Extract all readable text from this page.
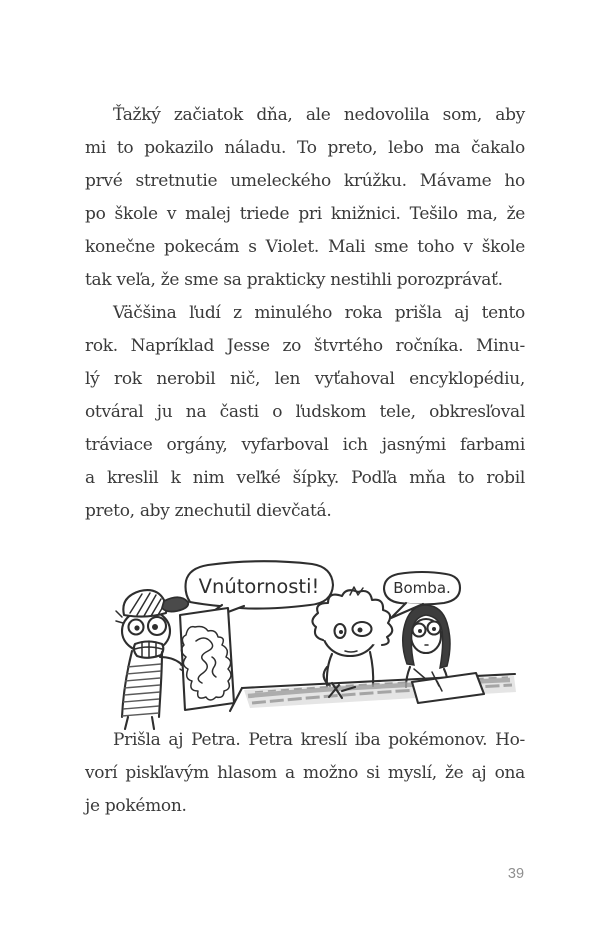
Ťažký začiatok dňa, ale nedovolila som, aby
mi to pokazilo náladu. To preto, lebo ma čakalo
prvé stretnutie umeleckého krúžku. Mávame ho
po škole v malej triede pri knižnici. Tešilo ma, že
konečne pokecám s Violet. Mali sme toho v škole
tak veľa, že sme sa prakticky nestihli porozprávať.
Väčšina ľudí z minulého roka prišla aj tento
rok. Napríklad Jesse zo štvrtého ročníka. Minu-
lý rok nerobil nič, len vyťahoval encyklopédiu,
otváral ju na časti o ľudskom tele, obkresľoval
tráviace orgány, vyfarboval ich jasnými farbami
a kreslil k nim veľké šípky. Podľa mňa to robil
preto, aby znechutil dievčatá.
Vnútornosti!	Bomba.
Prišla aj Petra. Petra kreslí iba pokémonov. Ho-
vorí piskľavým hlasom a možno si myslí, že aj ona
je pokémon.
39
